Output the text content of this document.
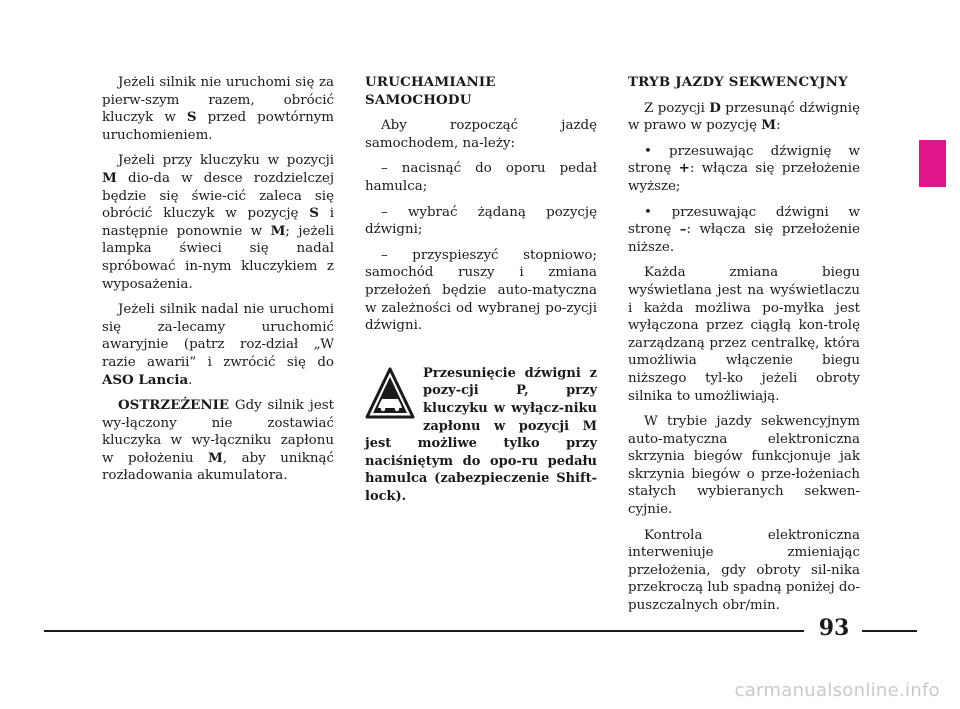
Jeżeli silnik nie uruchomi się za pierw-szym razem, obrócić kluczyk w S przed powtórnym uruchomieniem.

Jeżeli przy kluczyku w pozycji M dio-da w desce rozdzielczej będzie się świe-cić zaleca się obrócić kluczyk w pozycję S i następnie ponownie w M; jeżeli lampka świeci się nadal spróbować in-nym kluczykiem z wyposażenia.

Jeżeli silnik nadal nie uruchomi się za-lecamy uruchomić awaryjnie (patrz roz-dział „W razie awarii” i zwrócić się do ASO Lancia.

OSTRZEŻENIE Gdy silnik jest wy-łączony nie zostawiać kluczyka w wy-łączniku zapłonu w położeniu M, aby uniknąć rozładowania akumulatora.

URUCHAMIANIE
SAMOCHODU

Aby rozpocząć jazdę samochodem, na-leży:

– nacisnąć do oporu pedał hamulca;

– wybrać żądaną pozycję dźwigni;

– przyspieszyć stopniowo; samochód ruszy i zmiana przełożeń będzie auto-matyczna w zależności od wybranej po-zycji dźwigni.

Przesunięcie dźwigni z pozy-cji P, przy kluczyku w wyłącz-niku zapłonu w pozycji M jest możliwe tylko przy naciśniętym do opo-ru pedału hamulca (zabezpieczenie Shift-lock).
TRYB JAZDY SEKWENCYJNY

Z pozycji D przesunąć dźwignię w prawo w pozycję M:

• przesuwając dźwignię w stronę +: włącza się przełożenie wyższe;

• przesuwając dźwigni w stronę –: włącza się przełożenie niższe.

Każda zmiana biegu wyświetlana jest na wyświetlaczu i każda możliwa po-myłka jest wyłączona przez ciągłą kon-trolę zarządzaną przez centralkę, która umożliwia włączenie biegu niższego tyl-ko jeżeli obroty silnika to umożliwiają.

W trybie jazdy sekwencyjnym auto-matyczna elektroniczna skrzynia biegów funkcjonuje jak skrzynia biegów o prze-łożeniach stałych wybieranych sekwen-cyjnie.

Kontrola elektroniczna interweniuje zmieniając przełożenia, gdy obroty sil-nika przekroczą lub spadną poniżej do-puszczalnych obr/min.

93
carmanualsonline.info
